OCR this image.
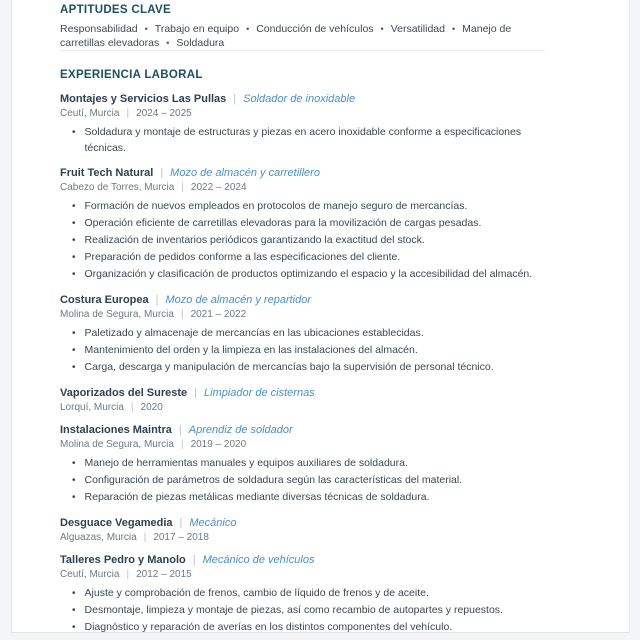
APTITUDES CLAVE

Responsabilidad • Trabajo en equipo • Conducción de vehículos • Versatilidad • Manejo de carretillas elevadoras • Soldadura

EXPERIENCIA LABORAL
Montajes y Servicios Las Pullas | Soldador de inoxidable
Ceutí, Murcia | 2024 – 2025
• Soldadura y montaje de estructuras y piezas en acero inoxidable conforme a especificaciones técnicas.
Fruit Tech Natural | Mozo de almacén y carretillero
Cabezo de Torres, Murcia | 2022 – 2024
• Formación de nuevos empleados en protocolos de manejo seguro de mercancías.
• Operación eficiente de carretillas elevadoras para la movilización de cargas pesadas.
• Realización de inventarios periódicos garantizando la exactitud del stock.
• Preparación de pedidos conforme a las especificaciones del cliente.
• Organización y clasificación de productos optimizando el espacio y la accesibilidad del almacén.
Costura Europea | Mozo de almacén y repartidor
Molina de Segura, Murcia | 2021 – 2022
• Paletizado y almacenaje de mercancías en las ubicaciones establecidas.
• Mantenimiento del orden y la limpieza en las instalaciones del almacén.
• Carga, descarga y manipulación de mercancías bajo la supervisión de personal técnico.
Vaporizados del Sureste | Limpiador de cisternas
Lorquí, Murcia | 2020
Instalaciones Maintra | Aprendiz de soldador
Molina de Segura, Murcia | 2019 – 2020
• Manejo de herramientas manuales y equipos auxiliares de soldadura.
• Configuración de parámetros de soldadura según las características del material.
• Reparación de piezas metálicas mediante diversas técnicas de soldadura.
Desguace Vegamedia | Mecánico
Alguazas, Murcia | 2017 – 2018
Talleres Pedro y Manolo | Mecánico de vehículos
Ceutí, Murcia | 2012 – 2015
• Ajuste y comprobación de frenos, cambio de líquido de frenos y de aceite.
• Desmontaje, limpieza y montaje de piezas, así como recambio de autopartes y repuestos.
• Diagnóstico y reparación de averías en los distintos componentes del vehículo.
